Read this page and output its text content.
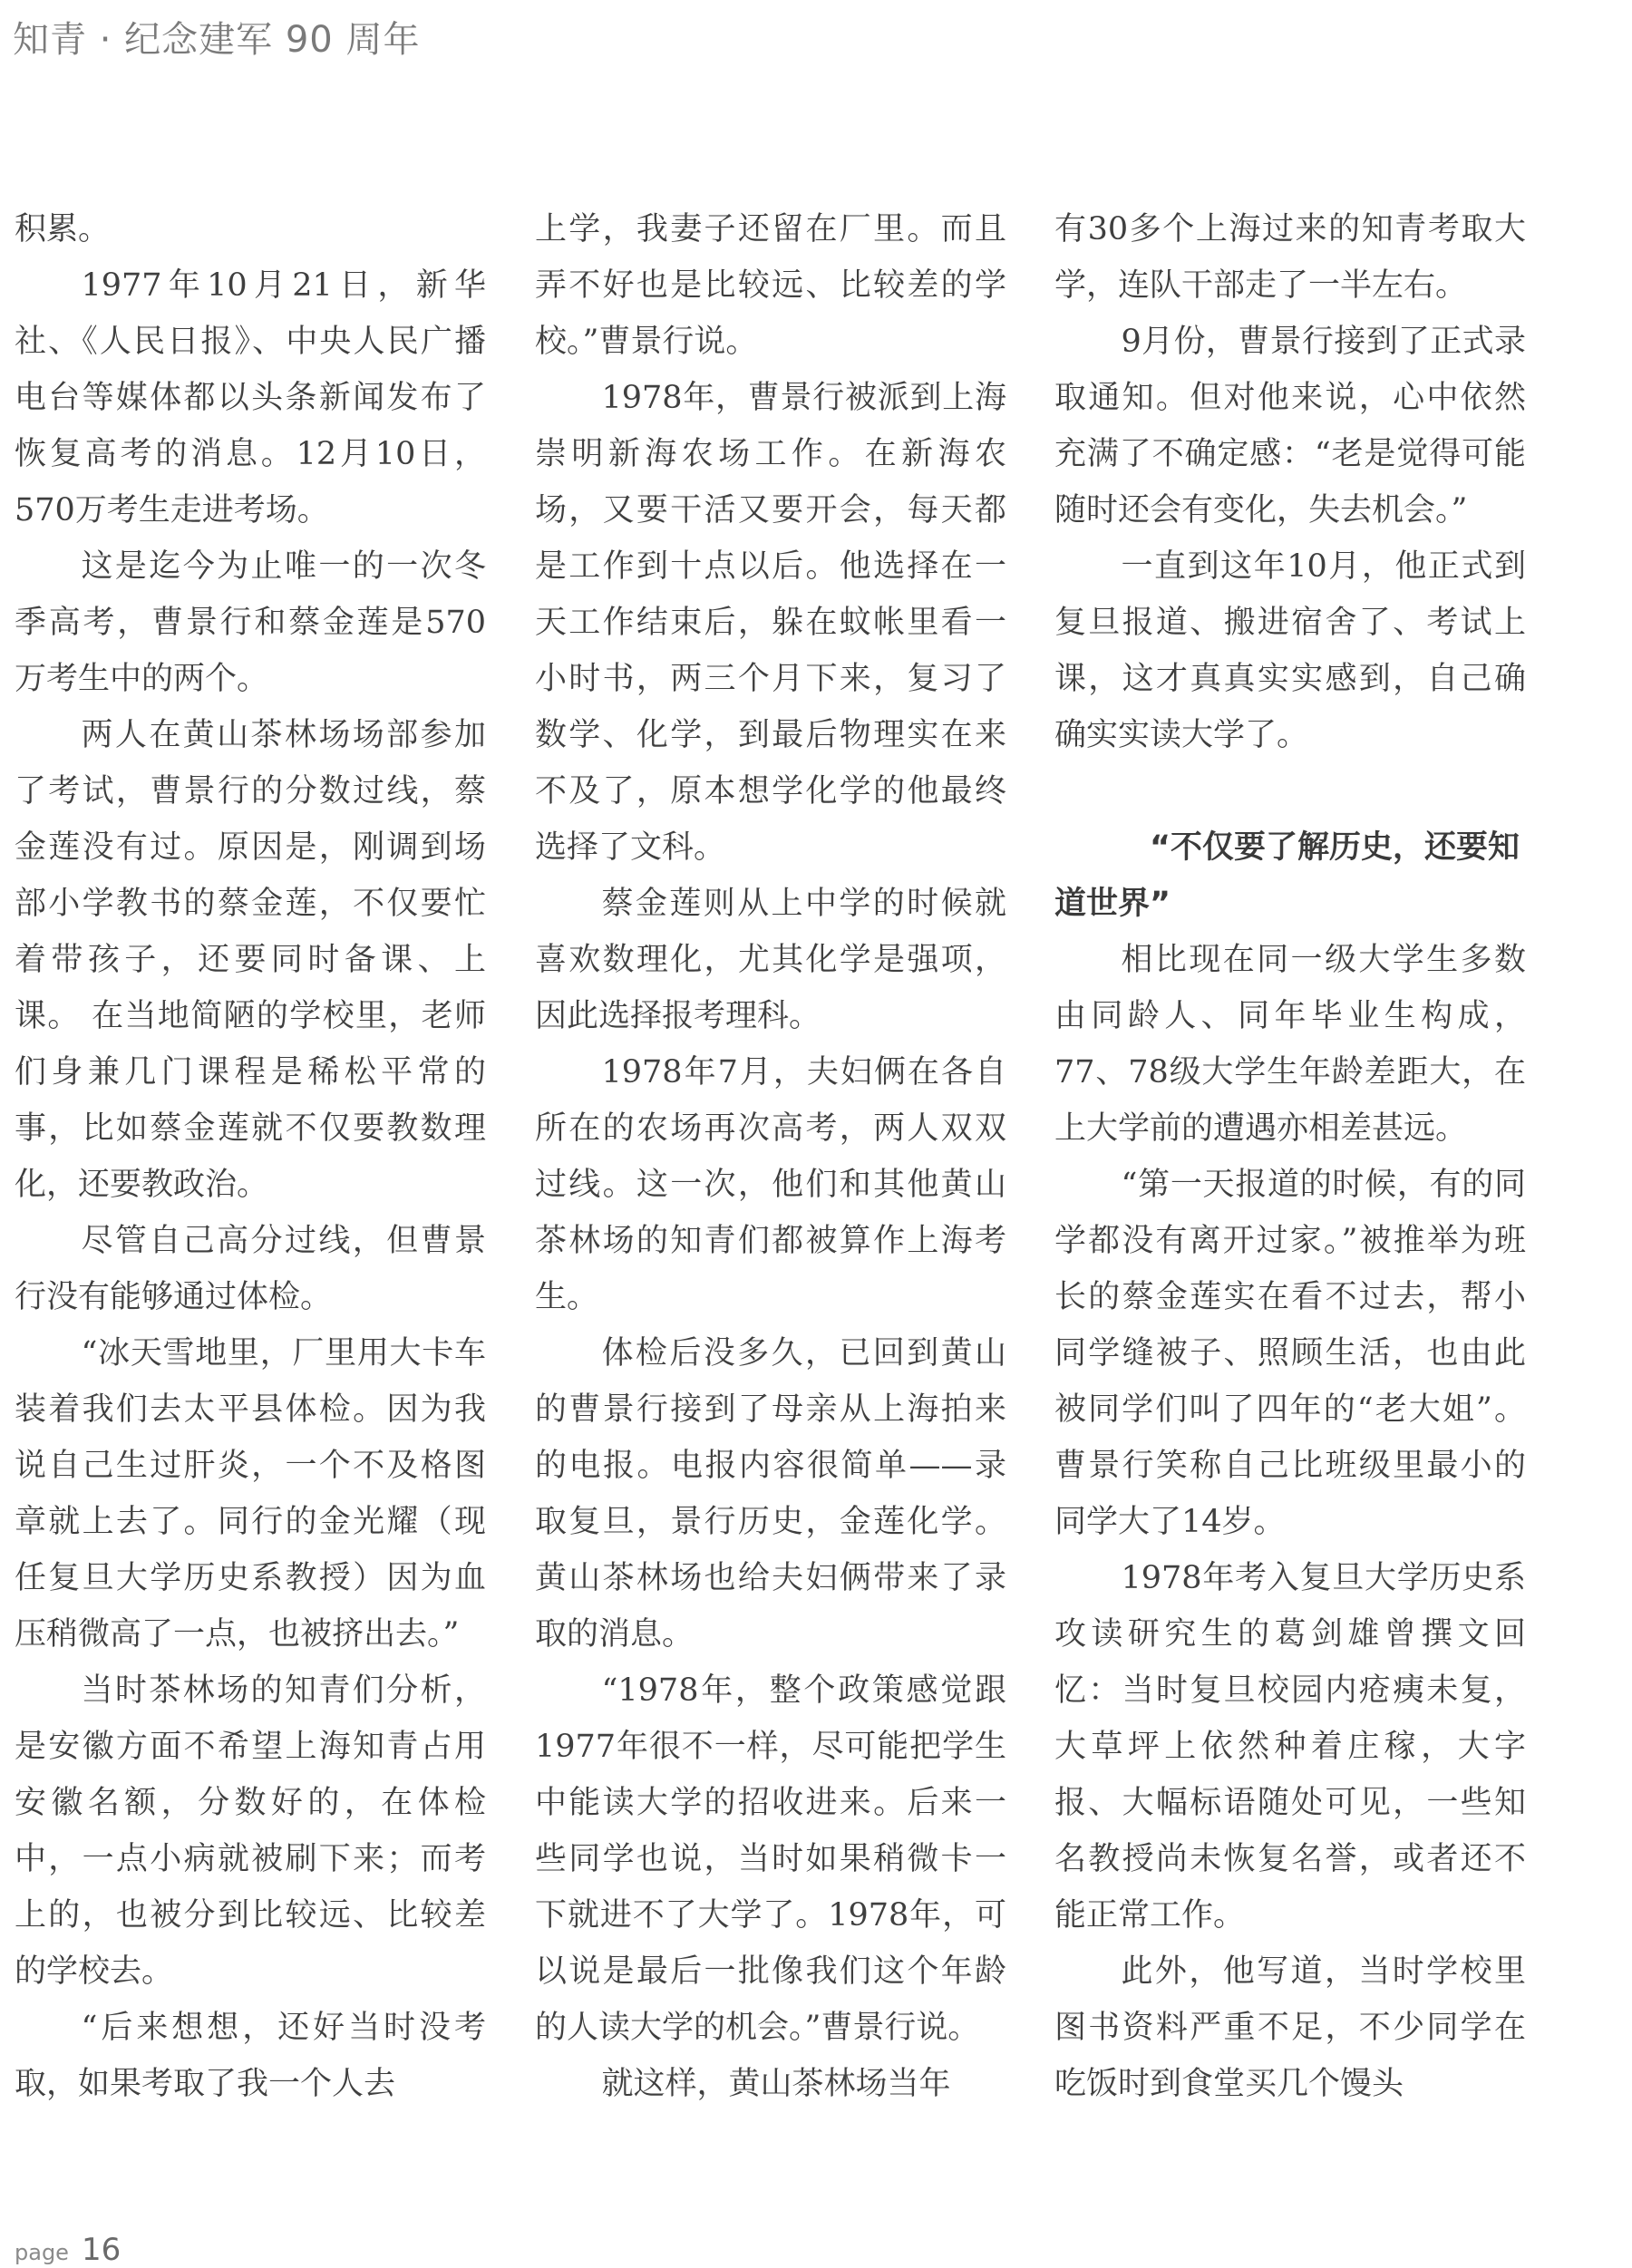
知青 · 纪念建军 90 周年

积累。

1977年10月21日，新华社、《人民日报》、中央人民广播电台等媒体都以头条新闻发布了恢复高考的消息。12月10日，570万考生走进考场。

这是迄今为止唯一的一次冬季高考，曹景行和蔡金莲是570万考生中的两个。

两人在黄山茶林场场部参加了考试，曹景行的分数过线，蔡金莲没有过。原因是，刚调到场部小学教书的蔡金莲，不仅要忙着带孩子，还要同时备课、上课。 在当地简陋的学校里，老师们身兼几门课程是稀松平常的事，比如蔡金莲就不仅要教数理化，还要教政治。

尽管自己高分过线，但曹景行没有能够通过体检。

“冰天雪地里，厂里用大卡车装着我们去太平县体检。因为我说自己生过肝炎，一个不及格图章就上去了。同行的金光耀（现任复旦大学历史系教授）因为血压稍微高了一点，也被挤出去。”

当时茶林场的知青们分析，是安徽方面不希望上海知青占用安徽名额，分数好的，在体检中，一点小病就被刷下来；而考上的，也被分到比较远、比较差的学校去。

“后来想想，还好当时没考取，如果考取了我一个人去

上学，我妻子还留在厂里。而且弄不好也是比较远、比较差的学校。”曹景行说。

1978年，曹景行被派到上海崇明新海农场工作。在新海农场，又要干活又要开会，每天都是工作到十点以后。他选择在一天工作结束后，躲在蚊帐里看一小时书，两三个月下来，复习了数学、化学，到最后物理实在来不及了，原本想学化学的他最终选择了文科。

蔡金莲则从上中学的时候就喜欢数理化，尤其化学是强项，因此选择报考理科。

1978年7月，夫妇俩在各自所在的农场再次高考，两人双双过线。这一次，他们和其他黄山茶林场的知青们都被算作上海考生。

体检后没多久，已回到黄山的曹景行接到了母亲从上海拍来的电报。电报内容很简单——录取复旦，景行历史，金莲化学。黄山茶林场也给夫妇俩带来了录取的消息。

“1978年，整个政策感觉跟1977年很不一样，尽可能把学生中能读大学的招收进来。后来一些同学也说，当时如果稍微卡一下就进不了大学了。1978年，可以说是最后一批像我们这个年龄的人读大学的机会。”曹景行说。

就这样，黄山茶林场当年

有30多个上海过来的知青考取大学，连队干部走了一半左右。

9月份，曹景行接到了正式录取通知。但对他来说，心中依然充满了不确定感：“老是觉得可能随时还会有变化，失去机会。”

一直到这年10月，他正式到复旦报道、搬进宿舍了、考试上课，这才真真实实感到，自己确确实实读大学了。

“不仅要了解历史，还要知道世界”

相比现在同一级大学生多数由同龄人、同年毕业生构成，77、78级大学生年龄差距大，在上大学前的遭遇亦相差甚远。

“第一天报道的时候，有的同学都没有离开过家。”被推举为班长的蔡金莲实在看不过去，帮小同学缝被子、照顾生活，也由此被同学们叫了四年的“老大姐”。曹景行笑称自己比班级里最小的同学大了14岁。

1978年考入复旦大学历史系攻读研究生的葛剑雄曾撰文回忆：当时复旦校园内疮痍未复，大草坪上依然种着庄稼，大字报、大幅标语随处可见，一些知名教授尚未恢复名誉，或者还不能正常工作。

此外，他写道，当时学校里图书资料严重不足，不少同学在吃饭时到食堂买几个馒头

page 16
